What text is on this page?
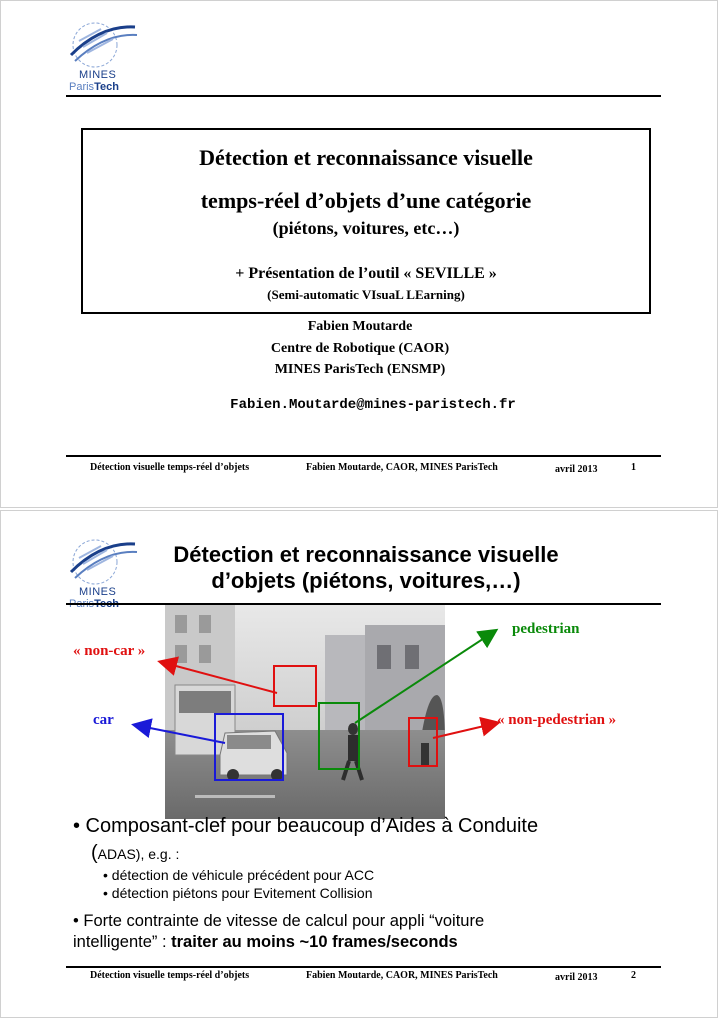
MINES
ParisTech
Détection et reconnaissance visuelle
temps-réel d’objets d’une catégorie
(piétons, voitures, etc…)
+ Présentation de l’outil « SEVILLE »
(Semi-automatic VIsuaL LEarning)
Fabien Moutarde
Centre de Robotique (CAOR)
MINES ParisTech (ENSMP)
Fabien.Moutarde@mines-paristech.fr
Détection visuelle temps-réel d’objets	Fabien Moutarde, CAOR, MINES ParisTech	avril 2013	1
MINES
Détection et reconnaissance visuelle
d’objets (piétons, voitures,…)
« non-car »
car
pedestrian
« non-pedestrian »
• Composant-clef pour beaucoup d’Aides à Conduite
(ADAS), e.g. :
• détection de véhicule précédent pour ACC
• détection piétons pour Evitement Collision
• Forte contrainte de vitesse de calcul pour appli “voiture
intelligente” : traiter au moins ~10 frames/seconds
Détection visuelle temps-réel d’objets	Fabien Moutarde, CAOR, MINES ParisTech	avril 2013	2
